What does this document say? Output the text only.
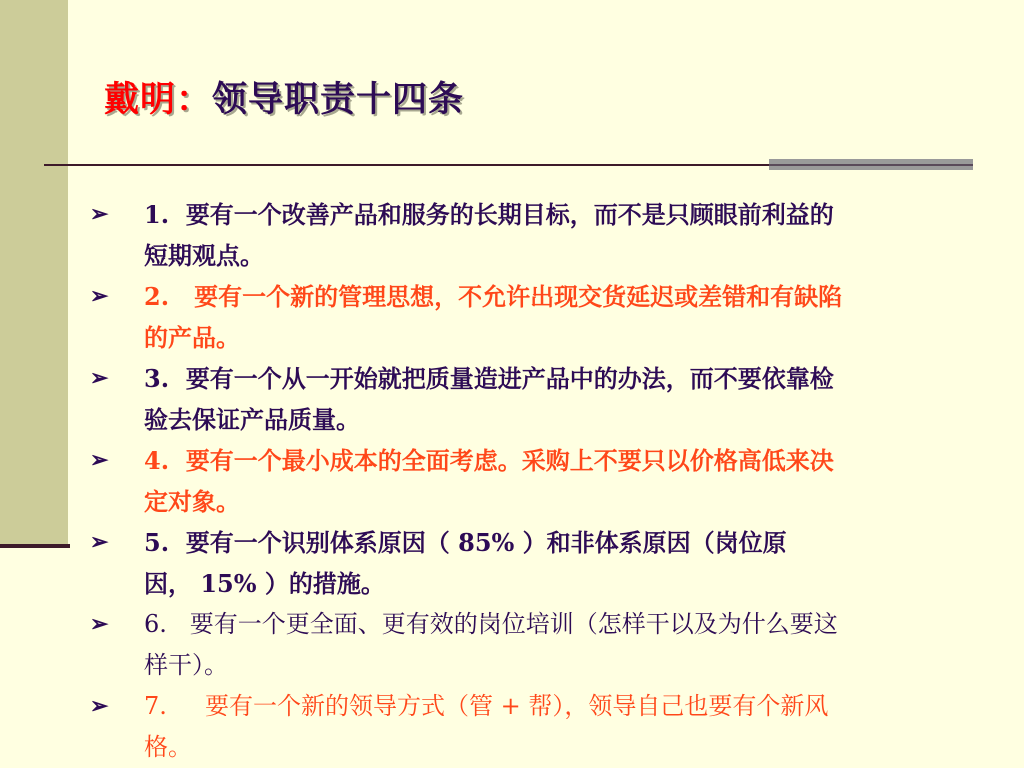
戴明：领导职责十四条
➢ 1.  要有一个改善产品和服务的长期目标，而不是只顾眼前利益的
短期观点。
➢ 2.   要有一个新的管理思想，不允许出现交货延迟或差错和有缺陷
的产品。
➢ 3.  要有一个从一开始就把质量造进产品中的办法，而不要依靠检
验去保证产品质量。
➢ 4.  要有一个最小成本的全面考虑。采购上不要只以价格高低来决
定对象。
➢ 5.  要有一个识别体系原因（ 85% ）和非体系原因（岗位原
因， 15% ）的措施。
➢ 6.   要有一个更全面、更有效的岗位培训（怎样干以及为什么要这
样干）。
➢ 7.     要有一个新的领导方式（管 + 帮），领导自己也要有个新风
格。
